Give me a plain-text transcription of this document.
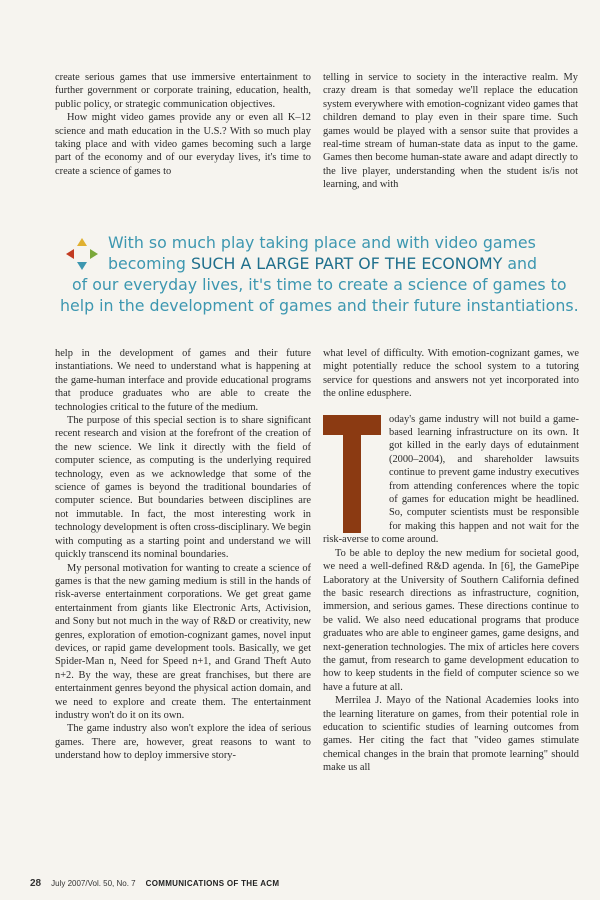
create serious games that use immersive entertainment to further government or corporate training, education, health, public policy, or strategic communication objectives.

How might video games provide any or even all K–12 science and math education in the U.S.? With so much play taking place and with video games becoming such a large part of the economy and of our everyday lives, it's time to create a science of games to

telling in service to society in the interactive realm. My crazy dream is that someday we'll replace the education system everywhere with emotion-cognizant video games that children demand to play even in their spare time. Such games would be played with a sensor suite that provides a real-time stream of human-state data as input to the game. Games then become human-state aware and adapt directly to the live player, understanding when the student is/is not learning, and with

With so much play taking place and with video games
becoming SUCH A LARGE PART OF THE ECONOMY and
of our everyday lives, it's time to create a science of games to
help in the development of games and their future instantiations.

help in the development of games and their future instantiations. We need to understand what is happening at the game-human interface and provide educational programs that produce graduates who are able to create the technologies critical to the future of the medium.

The purpose of this special section is to share significant recent research and vision at the forefront of the creation of the new science. We link it directly with the field of computer science, as computing is the underlying required technology, even as we acknowledge that some of the science of games is beyond the traditional boundaries of computer science. But boundaries between disciplines are not immutable. In fact, the most interesting work in technology development is often cross-disciplinary. We begin with computing as a starting point and understand we will quickly transcend its nominal boundaries.

My personal motivation for wanting to create a science of games is that the new gaming medium is still in the hands of risk-averse entertainment corporations. We get great game entertainment from giants like Electronic Arts, Activision, and Sony but not much in the way of R&D or creativity, new genres, exploration of emotion-cognizant games, novel input devices, or rapid game development tools. Basically, we get Spider-Man n, Need for Speed n+1, and Grand Theft Auto n+2. By the way, these are great franchises, but there are entertainment genres beyond the physical action domain, and we need to explore and create them. The entertainment industry won't do it on its own.

The game industry also won't explore the idea of serious games. There are, however, great reasons to want to understand how to deploy immersive story-

what level of difficulty. With emotion-cognizant games, we might potentially reduce the school system to a tutoring service for questions and answers not yet incorporated into the online edusphere.

oday's game industry will not build a game-based learning infrastructure on its own. It got killed in the early days of edutainment (2000–2004), and shareholder lawsuits continue to prevent game industry executives from attending conferences where the topic of games for education might be headlined. So, computer scientists must be responsible for making this happen and not wait for the risk-averse to come around.

To be able to deploy the new medium for societal good, we need a well-defined R&D agenda. In [6], the GamePipe Laboratory at the University of Southern California defined the basic research directions as infrastructure, cognition, immersion, and serious games. These directions continue to be valid. We also need educational programs that produce graduates who are able to engineer games, game designs, and next-generation technologies. The mix of articles here covers the gamut, from research to game development education to how to keep students in the field of computer science so we have a future at all.

Merrilea J. Mayo of the National Academies looks into the learning literature on games, from their potential role in education to scientific studies of learning outcomes from games. Her citing the fact that "video games stimulate chemical changes in the brain that promote learning" should make us all

28 July 2007/Vol. 50, No. 7 COMMUNICATIONS OF THE ACM
